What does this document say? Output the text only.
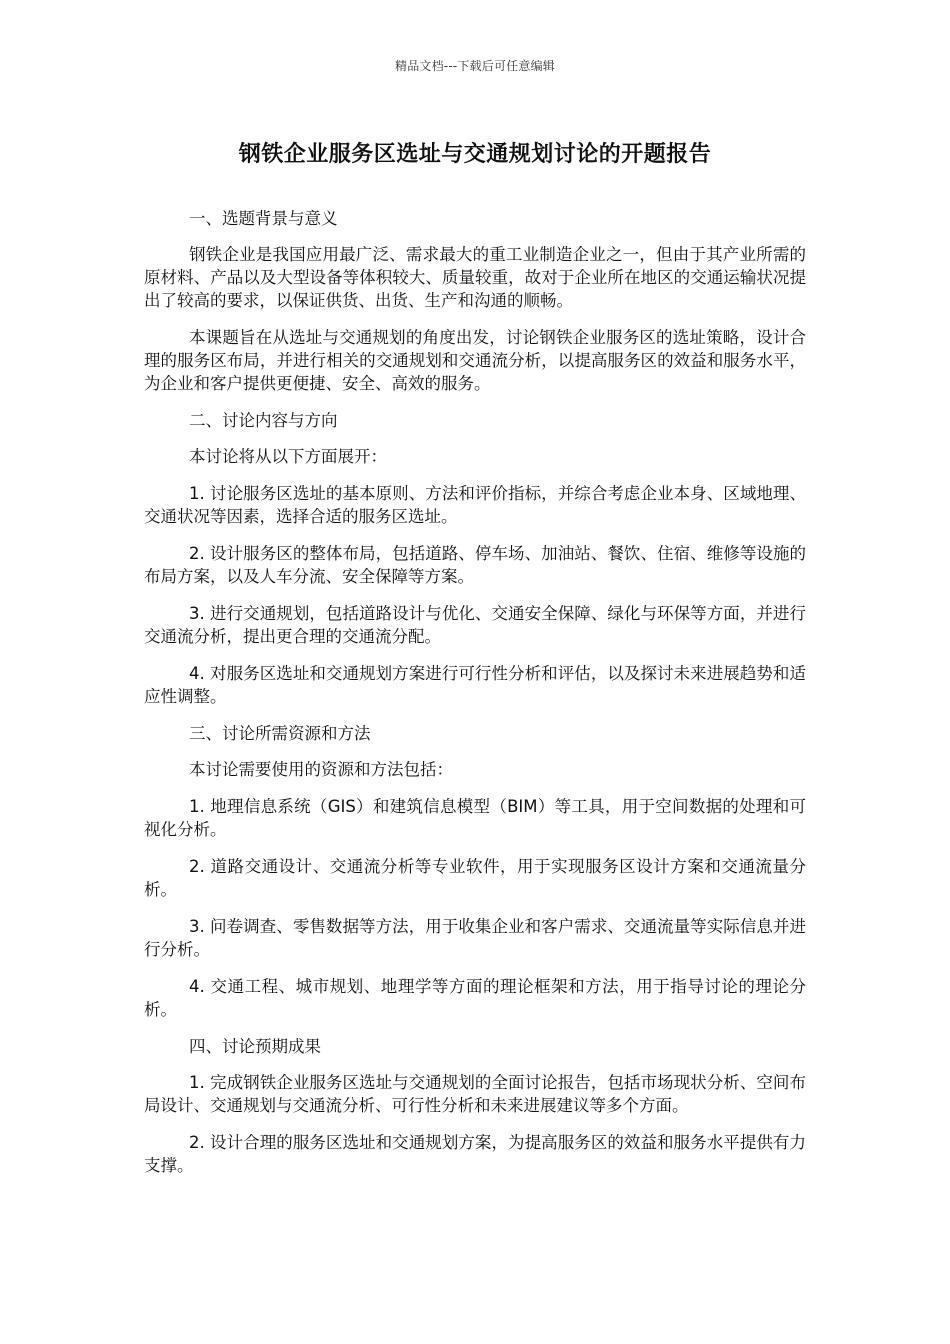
精品文档---下载后可任意编辑
钢铁企业服务区选址与交通规划讨论的开题报告

一、选题背景与意义

钢铁企业是我国应用最广泛、需求最大的重工业制造企业之一，但由于其产业所需的原材料、产品以及大型设备等体积较大、质量较重，故对于企业所在地区的交通运输状况提出了较高的要求，以保证供货、出货、生产和沟通的顺畅。

本课题旨在从选址与交通规划的角度出发，讨论钢铁企业服务区的选址策略，设计合理的服务区布局，并进行相关的交通规划和交通流分析，以提高服务区的效益和服务水平，为企业和客户提供更便捷、安全、高效的服务。

二、讨论内容与方向

本讨论将从以下方面展开：

1. 讨论服务区选址的基本原则、方法和评价指标，并综合考虑企业本身、区域地理、交通状况等因素，选择合适的服务区选址。

2. 设计服务区的整体布局，包括道路、停车场、加油站、餐饮、住宿、维修等设施的布局方案，以及人车分流、安全保障等方案。

3. 进行交通规划，包括道路设计与优化、交通安全保障、绿化与环保等方面，并进行交通流分析，提出更合理的交通流分配。

4. 对服务区选址和交通规划方案进行可行性分析和评估，以及探讨未来进展趋势和适应性调整。

三、讨论所需资源和方法

本讨论需要使用的资源和方法包括：

1. 地理信息系统（GIS）和建筑信息模型（BIM）等工具，用于空间数据的处理和可视化分析。

2. 道路交通设计、交通流分析等专业软件，用于实现服务区设计方案和交通流量分析。

3. 问卷调查、零售数据等方法，用于收集企业和客户需求、交通流量等实际信息并进行分析。

4. 交通工程、城市规划、地理学等方面的理论框架和方法，用于指导讨论的理论分析。

四、讨论预期成果

1. 完成钢铁企业服务区选址与交通规划的全面讨论报告，包括市场现状分析、空间布局设计、交通规划与交通流分析、可行性分析和未来进展建议等多个方面。

2. 设计合理的服务区选址和交通规划方案，为提高服务区的效益和服务水平提供有力支撑。
